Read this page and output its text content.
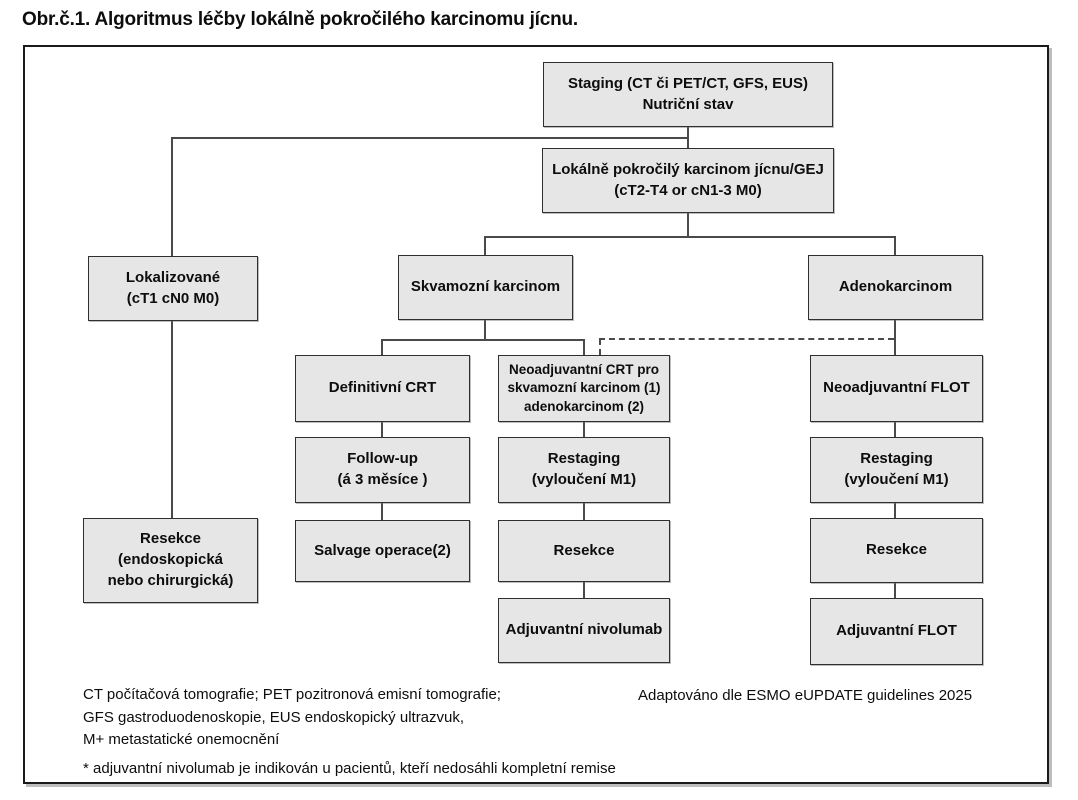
Obr.č.1. Algoritmus léčby lokálně pokročilého karcinomu jícnu.
Staging (CT či PET/CT, GFS, EUS)
Nutriční stav
Lokálně pokročilý karcinom jícnu/GEJ
(cT2-T4 or cN1-3 M0)
Lokalizované
(cT1 cN0 M0)
Skvamozní karcinom	Adenokarcinom
Definitivní CRT
Neoadjuvantní CRT pro
skvamozní karcinom (1)
adenokarcinom (2)
Neoadjuvantní FLOT
Follow-up
(á 3 měsíce )
Restaging
(vyloučení M1)
Restaging
(vyloučení M1)
Salvage operace(2)
Resekce
(endoskopická
nebo chirurgická)
Resekce	Resekce
Adjuvantní nivolumab	Adjuvantní FLOT
CT počítačová tomografie; PET pozitronová emisní tomografie;
GFS gastroduodenoskopie, EUS endoskopický ultrazvuk,
M+ metastatické onemocnění
* adjuvantní nivolumab je indikován u pacientů, kteří nedosáhli kompletní remise
Adaptováno dle ESMO eUPDATE guidelines 2025
